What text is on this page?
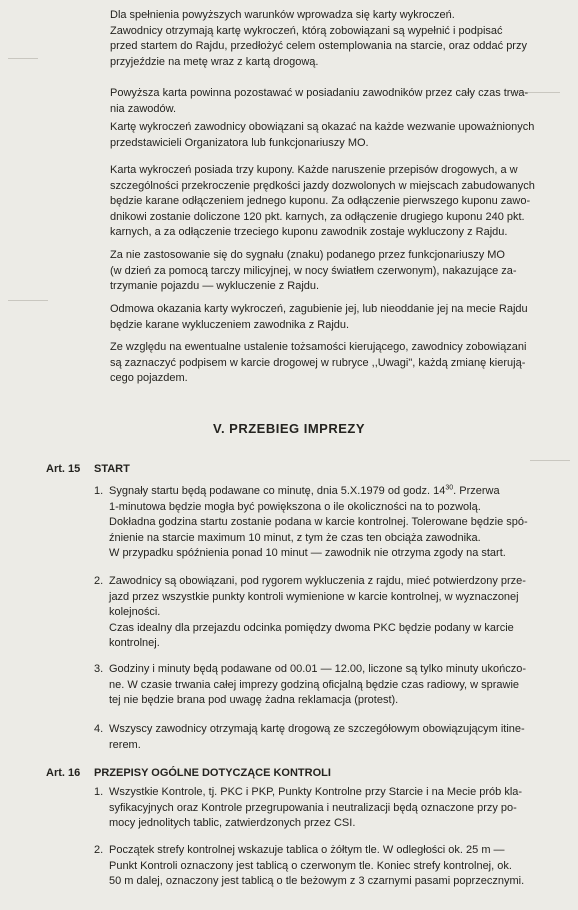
Dla spełnienia powyższych warunków wprowadza się karty wykroczeń.
Zawodnicy otrzymają kartę wykroczeń, którą zobowiązani są wypełnić i podpisać
przed startem do Rajdu, przedłożyć celem ostemplowania na starcie, oraz oddać przy
przyjeździe na metę wraz z kartą drogową.

Powyższa karta powinna pozostawać w posiadaniu zawodników przez cały czas trwa-
nia zawodów.

Kartę wykroczeń zawodnicy obowiązani są okazać na każde wezwanie upoważnionych
przedstawicieli Organizatora lub funkcjonariuszy MO.

Karta wykroczeń posiada trzy kupony. Każde naruszenie przepisów drogowych, a w
szczególności przekroczenie prędkości jazdy dozwolonych w miejscach zabudowanych
będzie karane odłączeniem jednego kuponu. Za odłączenie pierwszego kuponu zawo-
dnikowi zostanie doliczone 120 pkt. karnych, za odłączenie drugiego kuponu 240 pkt.
karnych, a za odłączenie trzeciego kuponu zawodnik zostaje wykluczony z Rajdu.

Za nie zastosowanie się do sygnału (znaku) podanego przez funkcjonariuszy MO
(w dzień za pomocą tarczy milicyjnej, w nocy światłem czerwonym), nakazujące za-
trzymanie pojazdu — wykluczenie z Rajdu.

Odmowa okazania karty wykroczeń, zagubienie jej, lub nieoddanie jej na mecie Rajdu
będzie karane wykluczeniem zawodnika z Rajdu.

Ze względu na ewentualne ustalenie tożsamości kierującego, zawodnicy zobowiązani
są zaznaczyć podpisem w karcie drogowej w rubryce ,,Uwagi", każdą zmianę kierują-
cego pojazdem.

V. PRZEBIEG IMPREZY
Art. 15 START
1. Sygnały startu będą podawane co minutę, dnia 5.X.1979 od godz. $14^{30}$. Przerwa
1-minutowa będzie mogła być powiększona o ile okoliczności na to pozwolą.
Dokładna godzina startu zostanie podana w karcie kontrolnej. Tolerowane będzie spó-
źnienie na starcie maximum 10 minut, z tym że czas ten obciąża zawodnika.
W przypadku spóźnienia ponad 10 minut — zawodnik nie otrzyma zgody na start.
2. Zawodnicy są obowiązani, pod rygorem wykluczenia z rajdu, mieć potwierdzony prze-
jazd przez wszystkie punkty kontroli wymienione w karcie kontrolnej, w wyznaczonej
kolejności.
Czas idealny dla przejazdu odcinka pomiędzy dwoma PKC będzie podany w karcie
kontrolnej.
3. Godziny i minuty będą podawane od 00.01 — 12.00, liczone są tylko minuty ukończo-
ne. W czasie trwania całej imprezy godziną oficjalną będzie czas radiowy, w sprawie
tej nie będzie brana pod uwagę żadna reklamacja (protest).
4. Wszyscy zawodnicy otrzymają kartę drogową ze szczegółowym obowiązującym itine-
rerem.
Art. 16 PRZEPISY OGÓLNE DOTYCZĄCE KONTROLI
1. Wszystkie Kontrole, tj. PKC i PKP, Punkty Kontrolne przy Starcie i na Mecie prób kla-
syfikacyjnych oraz Kontrole przegrupowania i neutralizacji będą oznaczone przy po-
mocy jednolitych tablic, zatwierdzonych przez CSI.
2. Początek strefy kontrolnej wskazuje tablica o żółtym tle. W odległości ok. 25 m —
Punkt Kontroli oznaczony jest tablicą o czerwonym tle. Koniec strefy kontrolnej, ok.
50 m dalej, oznaczony jest tablicą o tle beżowym z 3 czarnymi pasami poprzecznymi.
